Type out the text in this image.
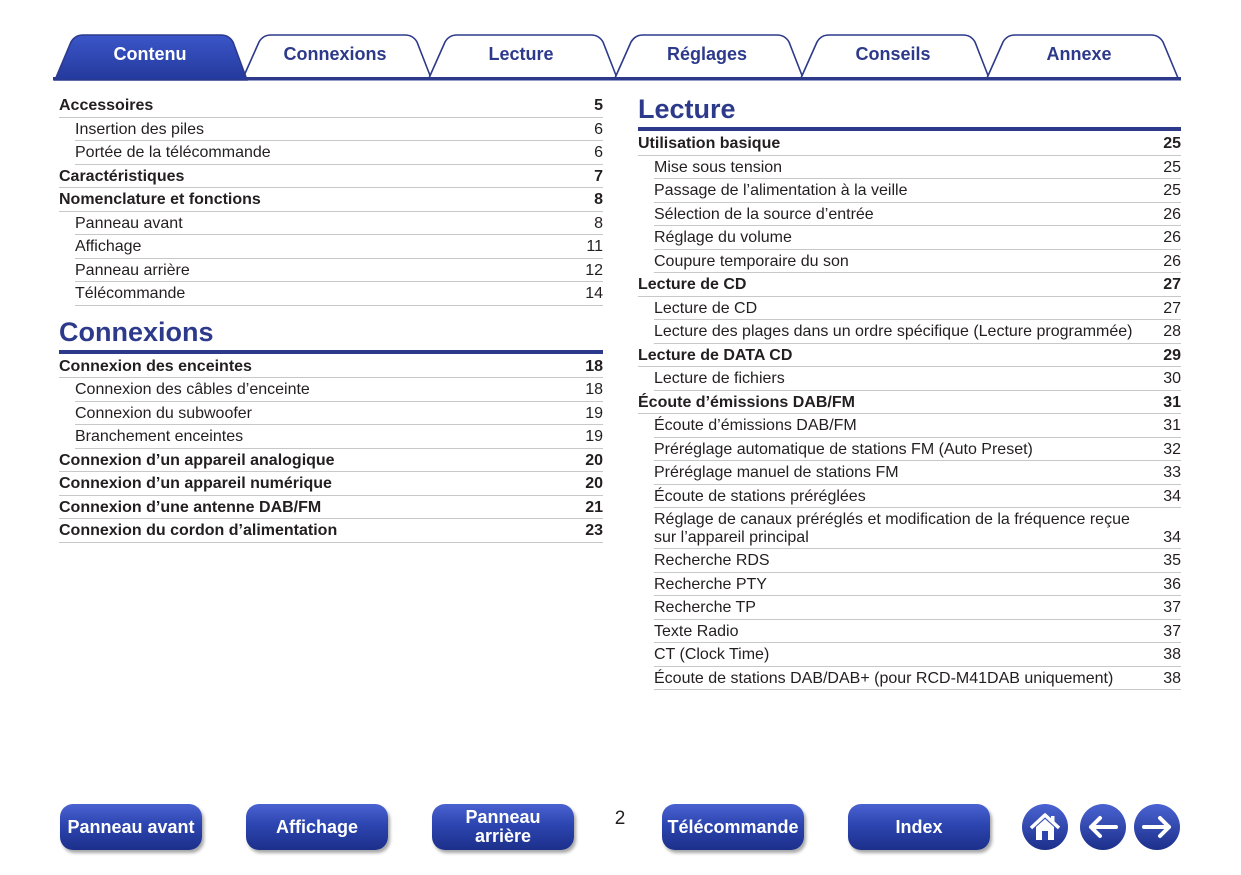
Contenu	Connexions	Lecture	Réglages	Conseils	Annexe
Accessoires	5
Insertion des piles	6
Portée de la télécommande	6
Caractéristiques	7
Nomenclature et fonctions	8
Panneau avant	8
Affichage	11
Panneau arrière	12
Télécommande	14
Connexions
Connexion des enceintes	18
Connexion des câbles d’enceinte	18
Connexion du subwoofer	19
Branchement enceintes	19
Connexion d’un appareil analogique	20
Connexion d’un appareil numérique	20
Connexion d’une antenne DAB/FM	21
Connexion du cordon d’alimentation	23
Lecture
Utilisation basique	25
Mise sous tension	25
Passage de l’alimentation à la veille	25
Sélection de la source d’entrée	26
Réglage du volume	26
Coupure temporaire du son	26
Lecture de CD	27
Lecture de CD	27
Lecture des plages dans un ordre spécifique (Lecture programmée)	28
Lecture de DATA CD	29
Lecture de fichiers	30
Écoute d’émissions DAB/FM	31
Écoute d’émissions DAB/FM	31
Préréglage automatique de stations FM (Auto Preset)	32
Préréglage manuel de stations FM	33
Écoute de stations préréglées	34
Réglage de canaux préréglés et modification de la fréquence reçue sur l’appareil principal	34
Recherche RDS	35
Recherche PTY	36
Recherche TP	37
Texte Radio	37
CT (Clock Time)	38
Écoute de stations DAB/DAB+ (pour RCD-M41DAB uniquement)	38
Panneau avant	Affichage	Panneau arrière
2	Télécommande	Index
